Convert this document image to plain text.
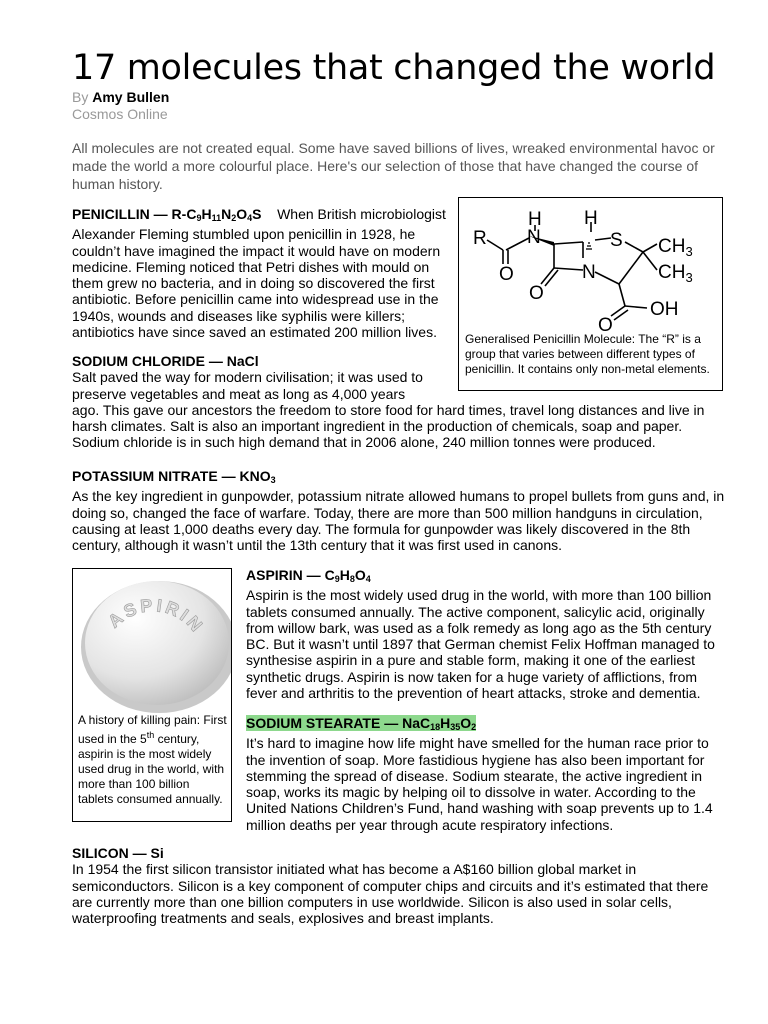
17 molecules that changed the world
By Amy Bullen
Cosmos Online
All molecules are not created equal. Some have saved billions of lives, wreaked environmental havoc or made the world a more colourful place. Here's our selection of those that have changed the course of human history.

PENICILLIN — $R-C_9H_{11}N_2O_4S$ When British microbiologist Alexander Fleming stumbled upon penicillin in 1928, he couldn’t have imagined the impact it would have on modern medicine. Fleming noticed that Petri dishes with mould on them grew no bacteria, and in doing so discovered the first antibiotic. Before penicillin came into widespread use in the 1940s, wounds and diseases like syphilis were killers; antibiotics have since saved an estimated 200 million lives.

R N
H H
S $CH_3$
$CH_3$
O	N
O
OH
O

Generalised Penicillin Molecule: The “R” is a group that varies between different types of penicillin. It contains only non-metal elements.

SODIUM CHLORIDE — NaCl
Salt paved the way for modern civilisation; it was used to preserve vegetables and meat as long as 4,000 years ago. This gave our ancestors the freedom to store food for hard times, travel long distances and live in harsh climates. Salt is also an important ingredient in the production of chemicals, soap and paper. Sodium chloride is in such high demand that in 2006 alone, 240 million tonnes were produced.

POTASSIUM NITRATE — $KNO_3$
As the key ingredient in gunpowder, potassium nitrate allowed humans to propel bullets from guns and, in doing so, changed the face of warfare. Today, there are more than 500 million handguns in circulation, causing at least 1,000 deaths every day. The formula for gunpowder was likely discovered in the 8th century, although it wasn’t until the 13th century that it was first used in canons.

ASPIRIN

A history of killing pain: First used in the 5th century, aspirin is the most widely used drug in the world, with more than 100 billion tablets consumed annually.

ASPIRIN — $C_9H_8O_4$
Aspirin is the most widely used drug in the world, with more than 100 billion tablets consumed annually. The active component, salicylic acid, originally from willow bark, was used as a folk remedy as long ago as the 5th century BC. But it wasn’t until 1897 that German chemist Felix Hoffman managed to synthesise aspirin in a pure and stable form, making it one of the earliest synthetic drugs. Aspirin is now taken for a huge variety of afflictions, from fever and arthritis to the prevention of heart attacks, stroke and dementia.

SODIUM STEARATE — $NaC_{18}H_{35}O_2$
It’s hard to imagine how life might have smelled for the human race prior to the invention of soap. More fastidious hygiene has also been important for stemming the spread of disease. Sodium stearate, the active ingredient in soap, works its magic by helping oil to dissolve in water. According to the United Nations Children’s Fund, hand washing with soap prevents up to 1.4 million deaths per year through acute respiratory infections.

SILICON — Si
In 1954 the first silicon transistor initiated what has become a A$160 billion global market in semiconductors. Silicon is a key component of computer chips and circuits and it’s estimated that there are currently more than one billion computers in use worldwide. Silicon is also used in solar cells, waterproofing treatments and seals, explosives and breast implants.
